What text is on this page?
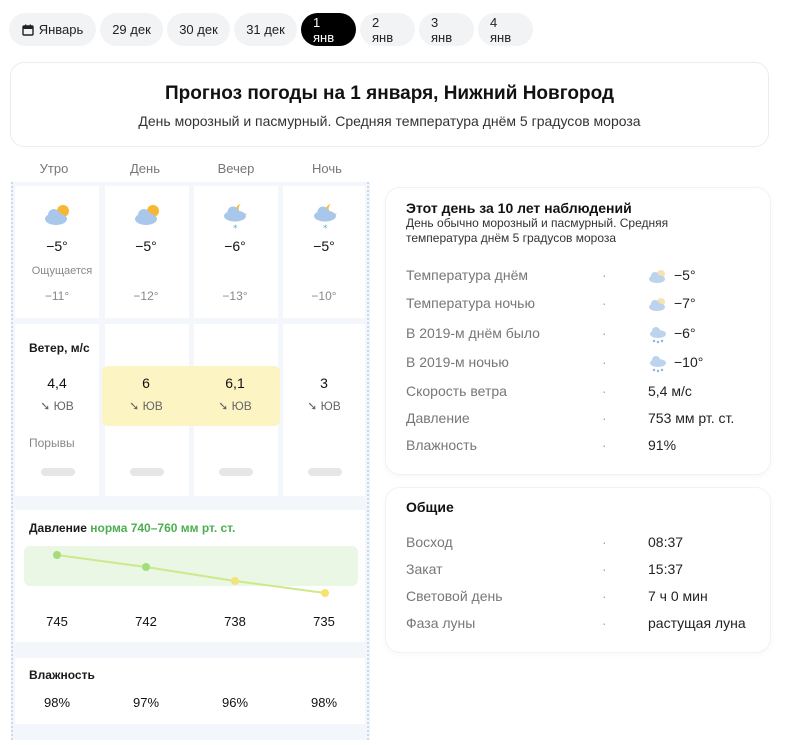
Январь 29 дек 30 дек 31 дек 1 янв
2 янв
3 янв
4 янв
Прогноз погоды на 1 января, Нижний Новгород

День морозный и пасмурный. Средняя температура днём 5 градусов мороза

Утро	День	Вечер	Ночь
*	*
−5°	−5°	−6°	−5°
Ощущается
−11°	−12°	−13°	−10°
Ветер, м/с
4,4	6	6,1	3
➘ ЮВ	➘ ЮВ	➘ ЮВ	➘ ЮВ
Порывы
Давление норма 740–760 мм рт. ст.
745	742	738	735
Влажность
98%	97%	96%	98%
Этот день за 10 лет наблюдений
День обычно морозный и пасмурный. Средняя температура днём 5 градусов мороза
Температура днём	·	−5°
Температура ночью	·	−7°
В 2019-м днём было	·	−6°
В 2019-м ночью	·	−10°
Скорость ветра	·	5,4 м/с
Давление	·	753 мм рт. ст.
Влажность	·	91%
Общие
Восход	·	08:37
Закат	·	15:37
Световой день	·	7 ч 0 мин
Фаза луны	·	растущая луна
